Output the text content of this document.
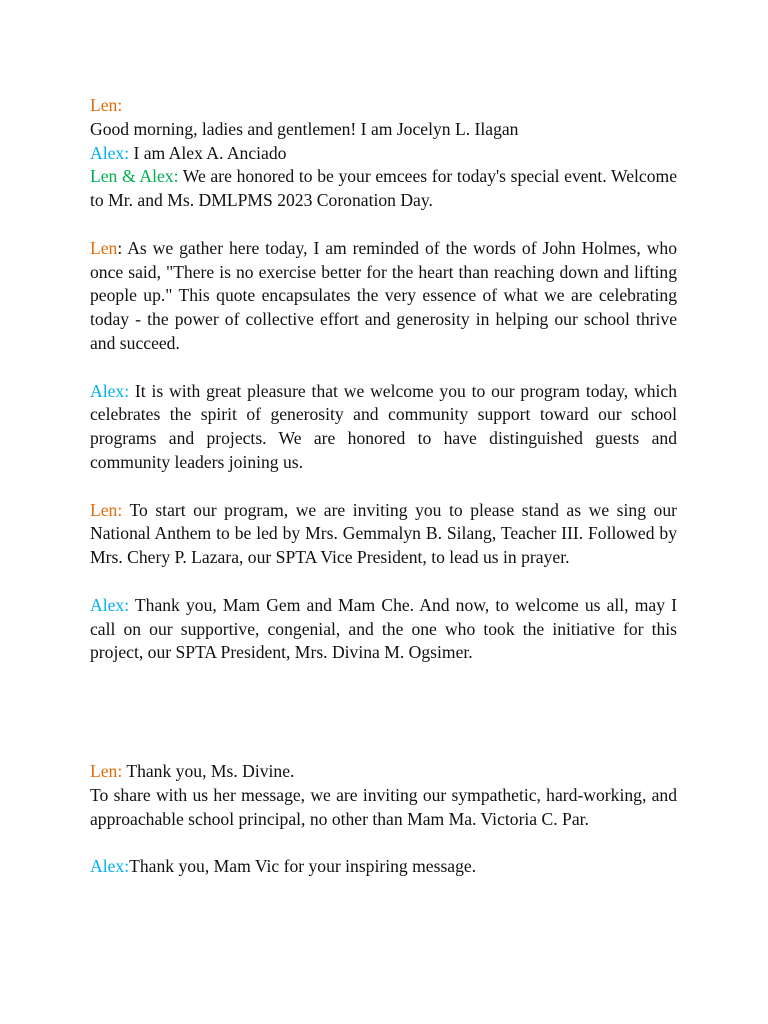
Len:

Good morning, ladies and gentlemen! I am Jocelyn L. Ilagan

Alex: I am Alex A. Anciado

Len & Alex: We are honored to be your emcees for today's special event. Welcome to Mr. and Ms. DMLPMS 2023 Coronation Day.

Len: As we gather here today, I am reminded of the words of John Holmes, who once said, "There is no exercise better for the heart than reaching down and lifting people up." This quote encapsulates the very essence of what we are celebrating today - the power of collective effort and generosity in helping our school thrive and succeed.

Alex: It is with great pleasure that we welcome you to our program today, which celebrates the spirit of generosity and community support toward our school programs and projects. We are honored to have distinguished guests and community leaders joining us.

Len: To start our program, we are inviting you to please stand as we sing our National Anthem to be led by Mrs. Gemmalyn B. Silang, Teacher III. Followed by Mrs. Chery P. Lazara, our SPTA Vice President, to lead us in prayer.

Alex: Thank you, Mam Gem and Mam Che. And now, to welcome us all, may I call on our supportive, congenial, and the one who took the initiative for this project, our SPTA President, Mrs. Divina M. Ogsimer.

Len: Thank you, Ms. Divine.

To share with us her message, we are inviting our sympathetic, hard-working, and approachable school principal, no other than Mam Ma. Victoria C. Par.

Alex:Thank you, Mam Vic for your inspiring message.
